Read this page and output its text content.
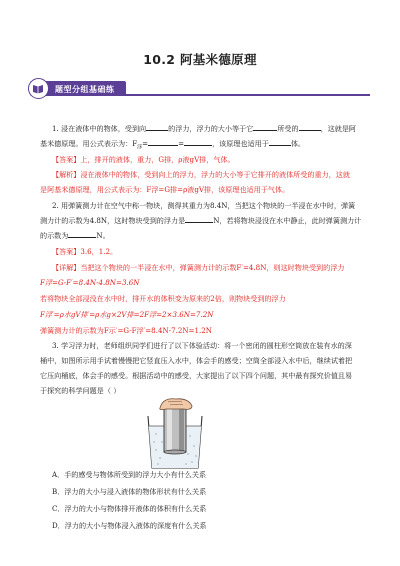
10.2 阿基米德原理
题型分组基础练
1. 浸在液体中的物体，受到向	的浮力，浮力的大小等于它	所受的	，这就是阿
基米德原理。用公式表示为：$F_浮=$	=	，该原理也适用于	体。
【答案】上，排开的液体，重力，G排，ρ液gV排，气体。
【解析】浸在液体中的物体，受到向上的浮力，浮力的大小等于它排开的液体所受的重力，这就
是阿基米德原理，用公式表示为：F浮=G排=ρ液gV排，该原理也适用于气体。
2. 用弹簧测力计在空气中称一物块，测得其重力为8.4N，当把这个物块的一半浸在水中时，弹簧
测力计的示数为4.8N，这时物块受到的浮力是	N，若将物块浸没在水中静止，此时弹簧测力计
的示数为	N。
【答案】3.6，1.2。
【详解】当把这个物块的一半浸在水中，弹簧测力计的示数F′=4.8N，则这时物块受到的浮力
F浮=G-F′=8.4N-4.8N=3.6N
若将物块全部浸没在水中时，排开水的体积变为原来的2倍，则物块受到的浮力
F浮′=ρ水gV排′=ρ水g×2V排=2F浮=2×3.6N=7.2N
弹簧测力计的示数为F示′=G-F浮′=8.4N-7.2N=1.2N
3. 学习浮力时，老师组织同学们进行了以下体验活动：将一个密闭的圆柱形空筒放在装有水的深
桶中，如图所示用手试着慢慢把它竖直压入水中，体会手的感受；空筒全部浸入水中后，继续试着把
它压向桶底，体会手的感受。根据活动中的感受，大家提出了以下四个问题，其中最有探究价值且易
于探究的科学问题是（ ）
A．手的感受与物体所受到的浮力大小有什么关系
B．浮力的大小与浸入液体的物体形状有什么关系
C．浮力的大小与物体排开液体的体积有什么关系
D．浮力的大小与物体浸入液体的深度有什么关系
